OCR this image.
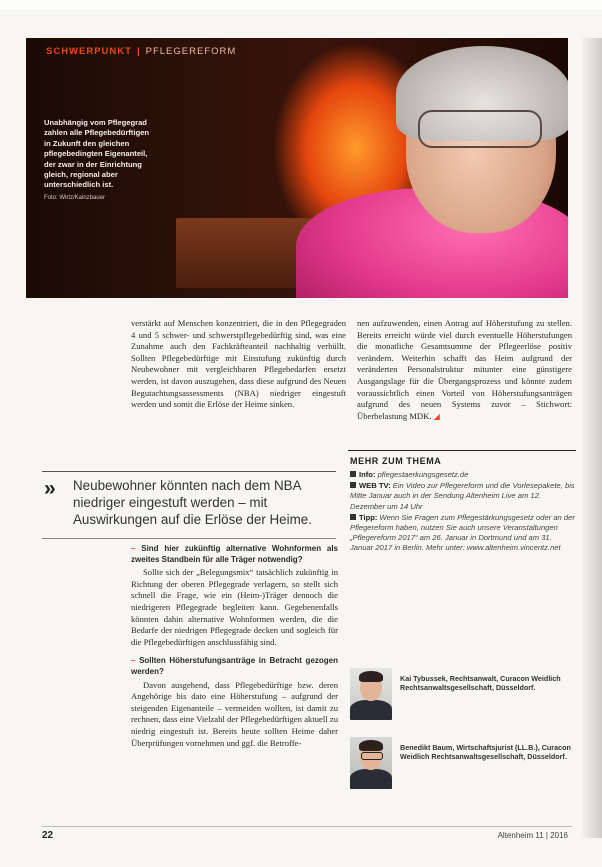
SCHWERPUNKT | PFLEGEREFORM
Unabhängig vom Pflegegrad zahlen alle Pflegebedürftigen in Zukunft den gleichen pflegebedingten Eigenanteil, der zwar in der Einrichtung gleich, regional aber unterschiedlich ist.
Foto: Wirtz/Kainzbauer
verstärkt auf Menschen konzentriert, die in den Pflegegraden 4 und 5 schwer- und schwerstpflegebedürftig sind, was eine Zunahme auch den Fachkräfteanteil nachhaltig verhüllt. Sollten Pflegebedürftige mit Einstufung zukünftig durch Neubewohner mit vergleichbaren Pflegebedarfen ersetzt werden, ist davon auszugehen, dass diese aufgrund des Neuen Begutachtungsassessments (NBA) niedriger eingestuft werden und somit die Erlöse der Heime sinken.
nen aufzuwenden, einen Antrag auf Höherstufung zu stellen. Bereits erreicht würde viel durch eventuelle Höherstufungen die monatliche Gesamtsumme der Pflegeerlöse positiv verändern. Weiterhin schafft das Heim aufgrund der veränderten Personalstruktur mitunter eine günstigere Ausgangslage für die Übergangsprozess und könnte zudem voraussichtlich einen Vorteil von Höherstufungsanträgen aufgrund des neuen Systems zuvor – Stichwort: Überbelastung MDK. ◢
» Neubewohner könnten nach dem NBA niedriger eingestuft werden – mit Auswirkungen auf die Erlöse der Heime.

– Sind hier zukünftig alternative Wohnformen als zweites Standbein für alle Träger notwendig?

Sollte sich der „Belegungsmix“ tatsächlich zukünftig in Richtung der oberen Pflegegrade verlagern, so stellt sich schnell die Frage, wie ein (Heim-)Träger dennoch die niedrigeren Pflegegrade begleiten kann. Gegebenenfalls könnten dahin alternative Wohnformen werden, die die Bedarfe der niedrigen Pflegegrade decken und sogleich für die Pflegebedürftigen anschlussfähig sind.

– Sollten Höherstufungsanträge in Betracht gezogen werden?

Davon ausgehend, dass Pflegebedürftige bzw. deren Angehörige bis dato eine Höherstufung – aufgrund der steigenden Eigenanteile – vermeiden wollten, ist damit zu rechnen, dass eine Vielzahl der Pflegebedürftigen aktuell zu niedrig eingestuft ist. Bereits heute sollten Heime daher Überprüfungen vornehmen und ggf. die Betroffe-

MEHR ZUM THEMA
Info: pflegestaerkungsgesetz.de
WEB TV: Ein Video zur Pflegereform und die Vorlesepakete, bis Mitte Januar auch in der Sendung Altenheim Live am 12. Dezember um 14 Uhr
Tipp: Wenn Sie Fragen zum Pflegestärkungsgesetz oder an der Pflegereform haben, nutzen Sie auch unsere Veranstaltungen „Pflegereform 2017“ am 26. Januar in Dortmund und am 31. Januar 2017 in Berlin. Mehr unter: www.altenheim.vincentz.net
Kai Tybussek, Rechtsanwalt, Curacon Weidlich Rechtsanwaltsgesellschaft, Düsseldorf.
Benedikt Baum, Wirtschaftsjurist (LL.B.), Curacon Weidlich Rechtsanwaltsgesellschaft, Düsseldorf.
22	Altenheim 11 | 2016
